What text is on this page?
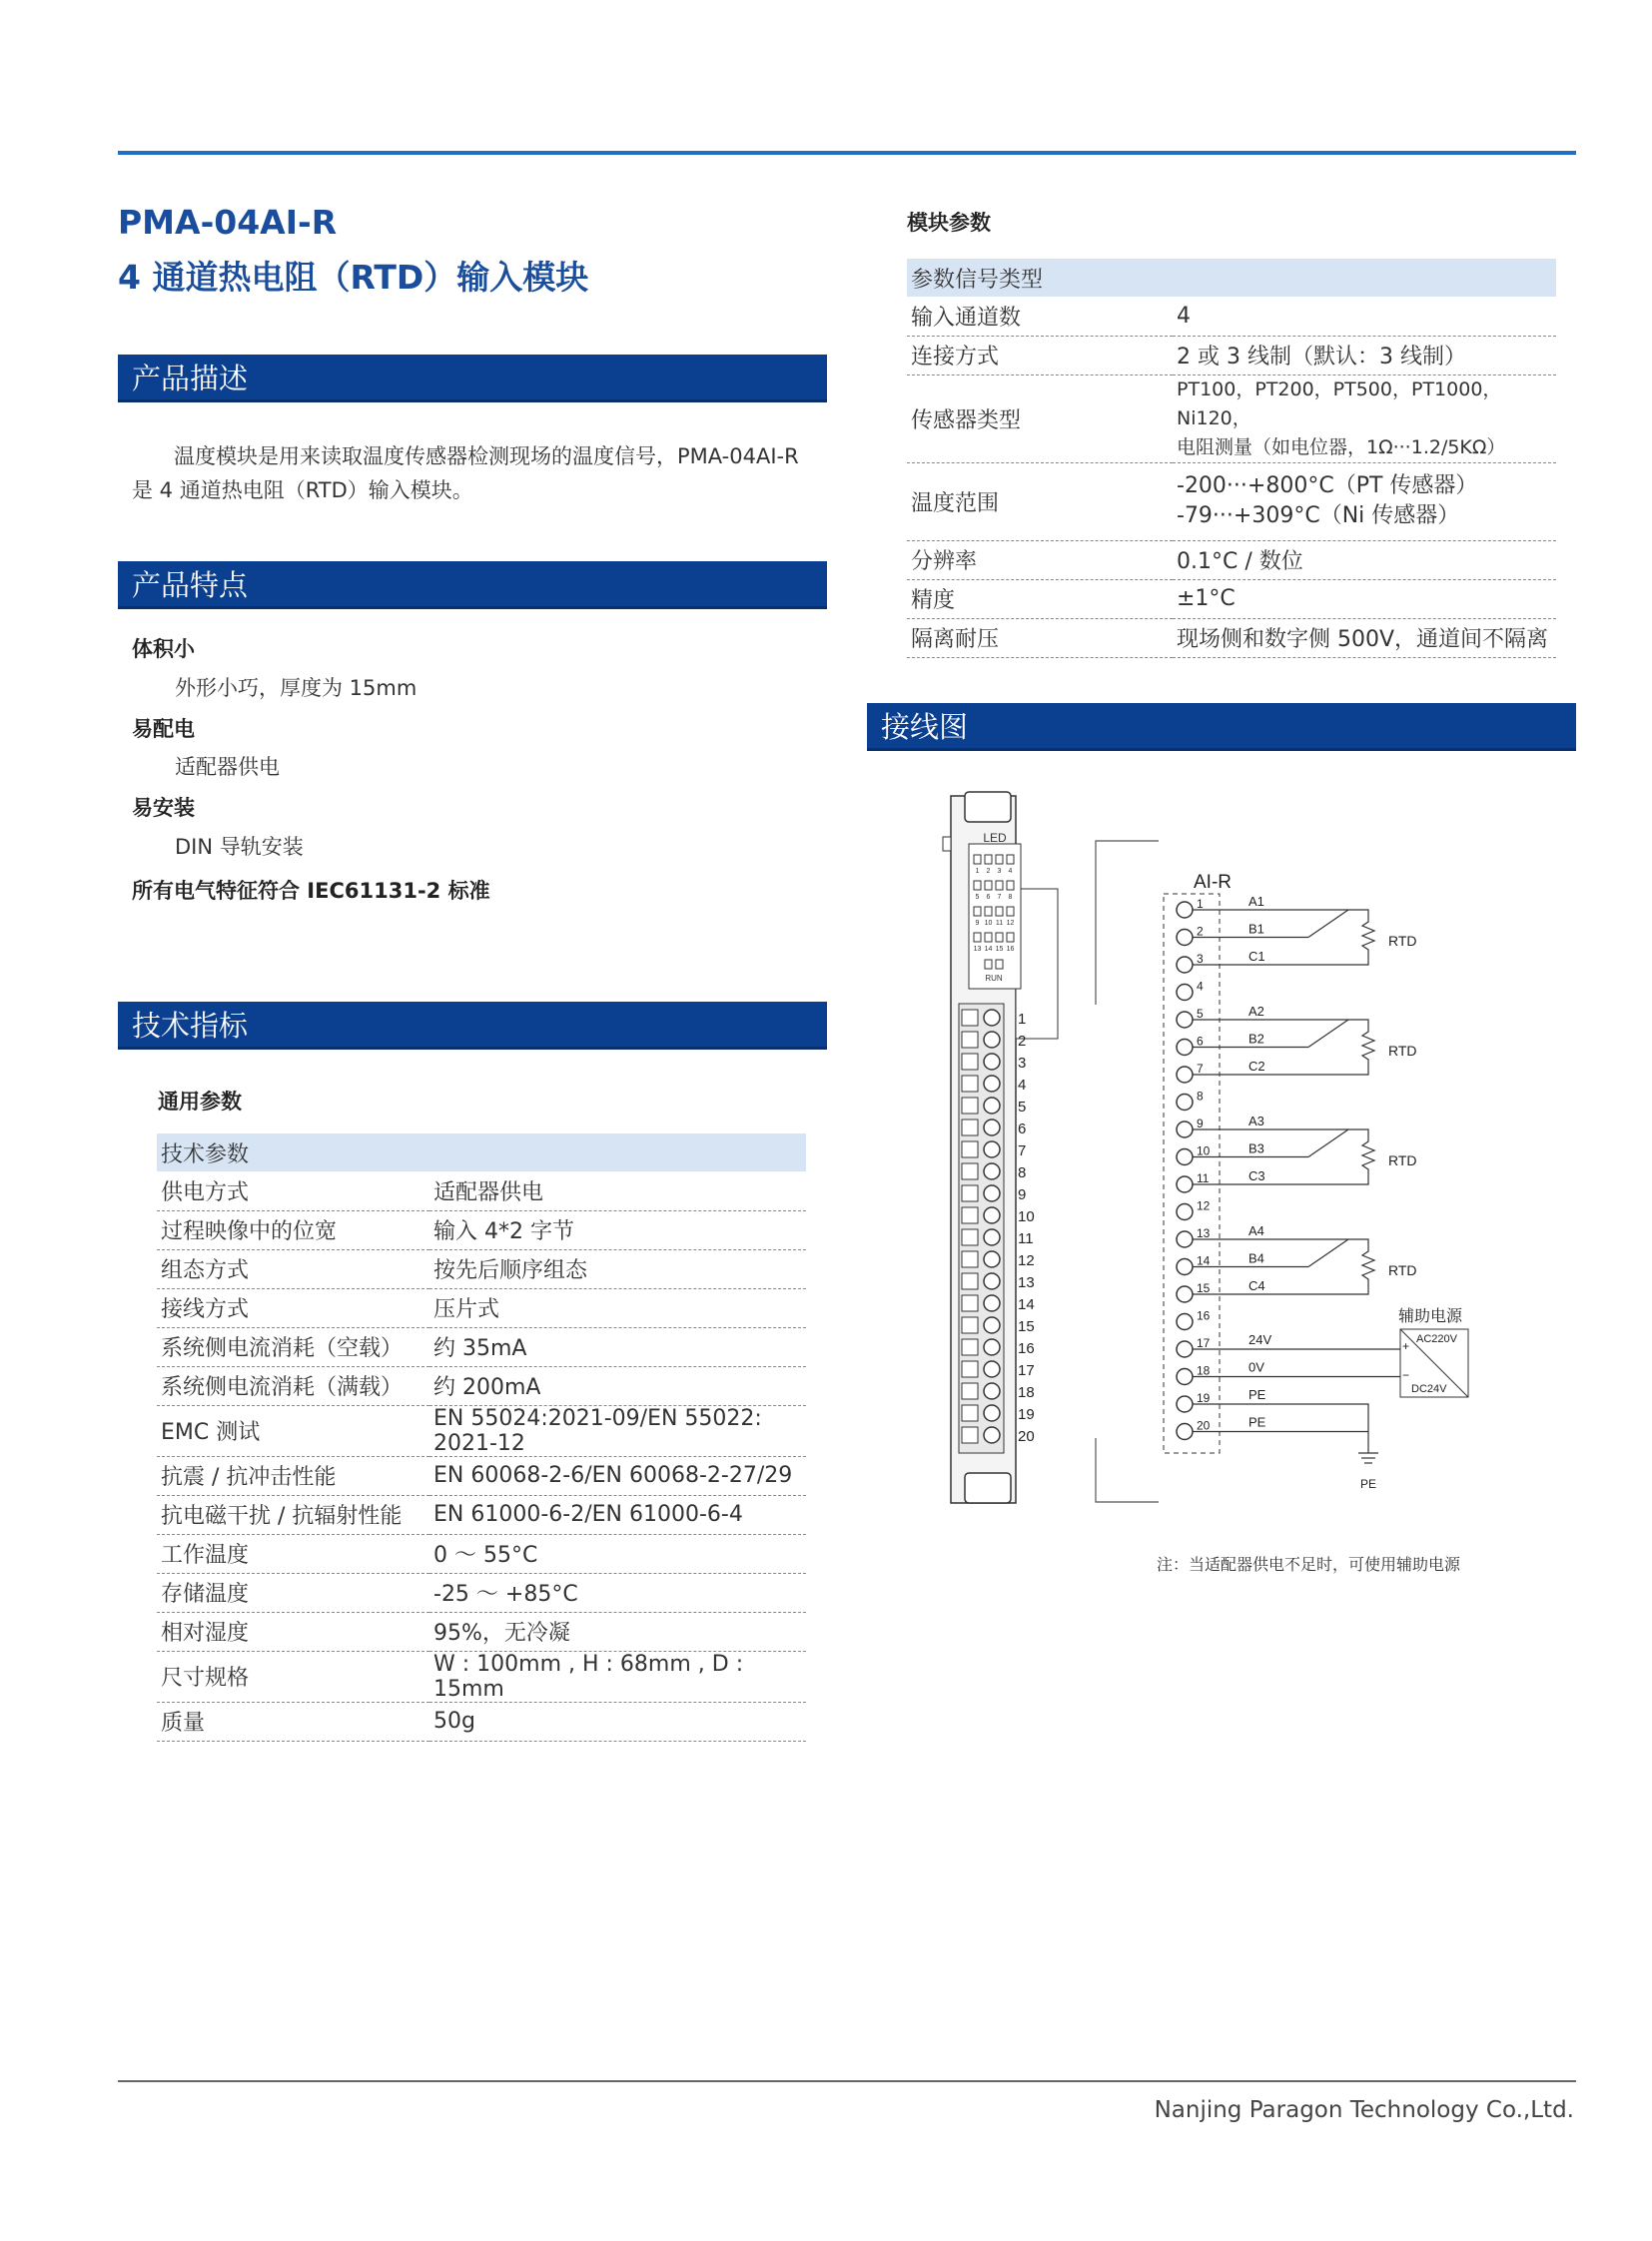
PMA-04AI-R
4 通道热电阻（RTD）输入模块
产品描述
温度模块是用来读取温度传感器检测现场的温度信号，PMA-04AI-R
是 4 通道热电阻（RTD）输入模块。
产品特点
体积小
外形小巧，厚度为 15mm
易配电
适配器供电
易安装
DIN 导轨安装
所有电气特征符合 IEC61131-2 标准
技术指标
通用参数
技术参数	
供电方式	适配器供电
过程映像中的位宽	输入 4*2 字节
组态方式	按先后顺序组态
接线方式	压片式
系统侧电流消耗（空载）	约 35mA
系统侧电流消耗（满载）	约 200mA
EMC 测试	EN 55024:2021-09/EN 55022: 2021-12
抗震 / 抗冲击性能	EN 60068-2-6/EN 60068-2-27/29
抗电磁干扰 / 抗辐射性能	EN 61000-6-2/EN 61000-6-4
工作温度	0 ～ 55°C
存储温度	-25 ～ +85°C
相对湿度	95%，无冷凝
尺寸规格	W : 100mm , H : 68mm , D : 15mm
质量	50g
模块参数
参数信号类型	
输入通道数	4

连接方式	2 或 3 线制（默认：3 线制）

传感器类型	PT100，PT200，PT500，PT1000，Ni120，
电阻测量（如电位器，1Ω···1.2/5KΩ）

温度范围	-200···+800°C（PT 传感器）
-79···+309°C（Ni 传感器）

分辨率	0.1°C / 数位

精度	±1°C

隔离耐压	现场侧和数字侧 500V，通道间不隔离
接线图
LED
1 2 3 4
5 6 7 8
9 10 11 12
13 14 15 16
RUN
1
2
3
4
5
6
7
8
9
10
11
12
13
14
15
16
17
18
19
20
AI-R
1
2
3
4
5
6
7
8
9
10
11
12
13
14
15
16
17
18
19
20
A1
B1
C1
RTD
A2
B2
C2
RTD
A3
B3
C3
RTD
A4
B4
C4
RTD
24V
0V
PE
PE
辅助电源
AC220V
DC24V
+
−
PE
注：当适配器供电不足时，可使用辅助电源
Nanjing Paragon Technology Co.,Ltd.
